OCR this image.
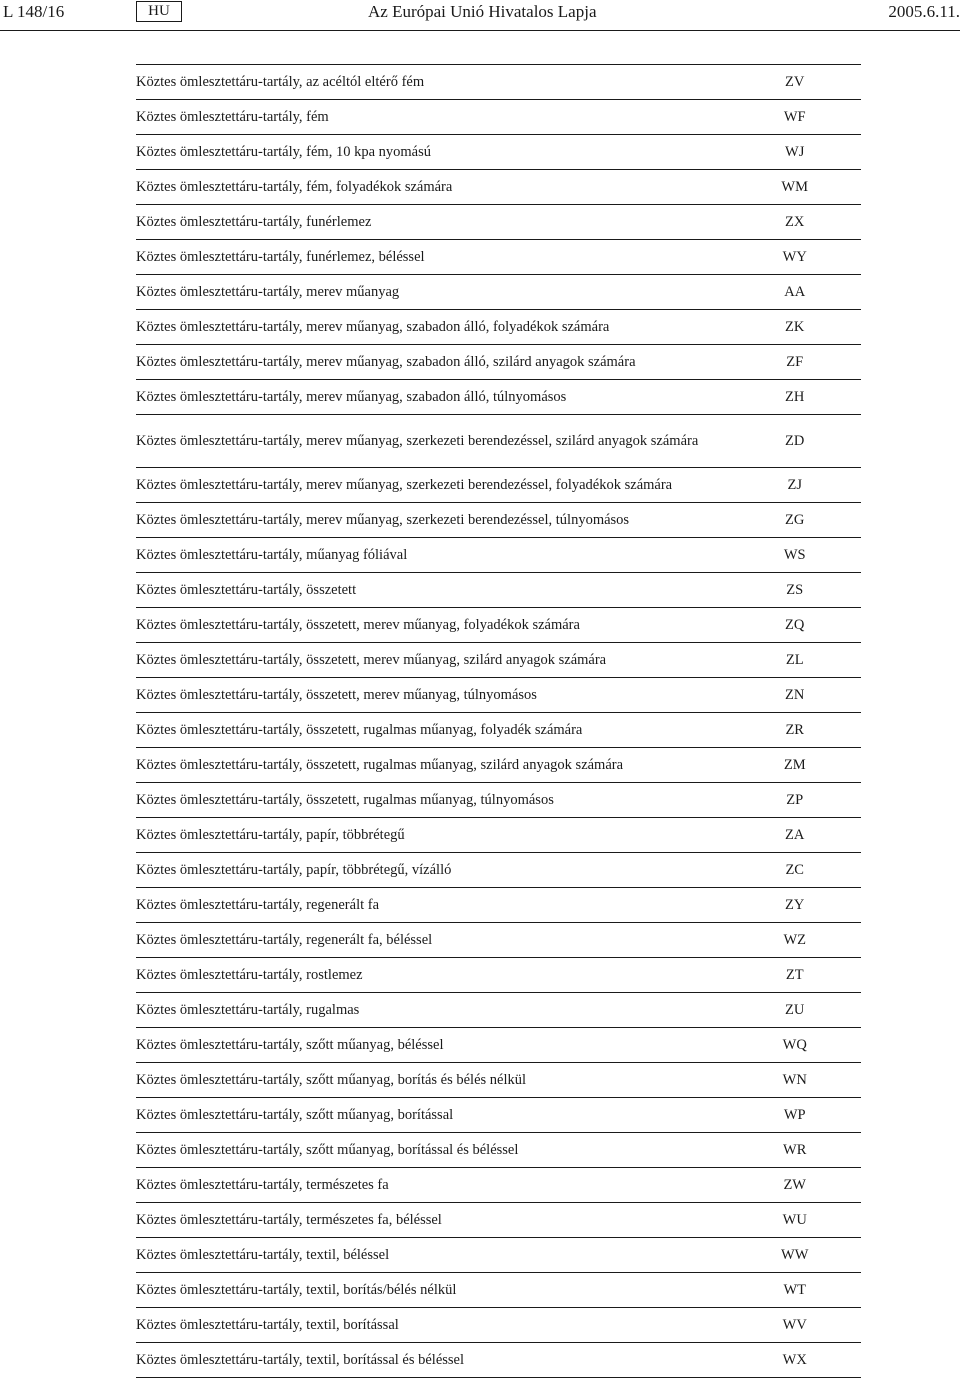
L 148/16	HU	Az Európai Unió Hivatalos Lapja	2005.6.11.
Köztes ömlesztettáru-tartály, az acéltól eltérő fém	ZV
Köztes ömlesztettáru-tartály, fém	WF
Köztes ömlesztettáru-tartály, fém, 10 kpa nyomású	WJ
Köztes ömlesztettáru-tartály, fém, folyadékok számára	WM
Köztes ömlesztettáru-tartály, funérlemez	ZX
Köztes ömlesztettáru-tartály, funérlemez, béléssel	WY
Köztes ömlesztettáru-tartály, merev műanyag	AA
Köztes ömlesztettáru-tartály, merev műanyag, szabadon álló, folyadékok számára	ZK
Köztes ömlesztettáru-tartály, merev műanyag, szabadon álló, szilárd anyagok számára	ZF
Köztes ömlesztettáru-tartály, merev műanyag, szabadon álló, túlnyomásos	ZH
Köztes ömlesztettáru-tartály, merev műanyag, szerkezeti berendezéssel, szilárd anyagok számára	ZD
Köztes ömlesztettáru-tartály, merev műanyag, szerkezeti berendezéssel, folyadékok számára	ZJ
Köztes ömlesztettáru-tartály, merev műanyag, szerkezeti berendezéssel, túlnyomásos	ZG
Köztes ömlesztettáru-tartály, műanyag fóliával	WS
Köztes ömlesztettáru-tartály, összetett	ZS
Köztes ömlesztettáru-tartály, összetett, merev műanyag, folyadékok számára	ZQ
Köztes ömlesztettáru-tartály, összetett, merev műanyag, szilárd anyagok számára	ZL
Köztes ömlesztettáru-tartály, összetett, merev műanyag, túlnyomásos	ZN
Köztes ömlesztettáru-tartály, összetett, rugalmas műanyag, folyadék számára	ZR
Köztes ömlesztettáru-tartály, összetett, rugalmas műanyag, szilárd anyagok számára	ZM
Köztes ömlesztettáru-tartály, összetett, rugalmas műanyag, túlnyomásos	ZP
Köztes ömlesztettáru-tartály, papír, többrétegű	ZA
Köztes ömlesztettáru-tartály, papír, többrétegű, vízálló	ZC
Köztes ömlesztettáru-tartály, regenerált fa	ZY
Köztes ömlesztettáru-tartály, regenerált fa, béléssel	WZ
Köztes ömlesztettáru-tartály, rostlemez	ZT
Köztes ömlesztettáru-tartály, rugalmas	ZU
Köztes ömlesztettáru-tartály, szőtt műanyag, béléssel	WQ
Köztes ömlesztettáru-tartály, szőtt műanyag, borítás és bélés nélkül	WN
Köztes ömlesztettáru-tartály, szőtt műanyag, borítással	WP
Köztes ömlesztettáru-tartály, szőtt műanyag, borítással és béléssel	WR
Köztes ömlesztettáru-tartály, természetes fa	ZW
Köztes ömlesztettáru-tartály, természetes fa, béléssel	WU
Köztes ömlesztettáru-tartály, textil, béléssel	WW
Köztes ömlesztettáru-tartály, textil, borítás/bélés nélkül	WT
Köztes ömlesztettáru-tartály, textil, borítással	WV
Köztes ömlesztettáru-tartály, textil, borítással és béléssel	WX
